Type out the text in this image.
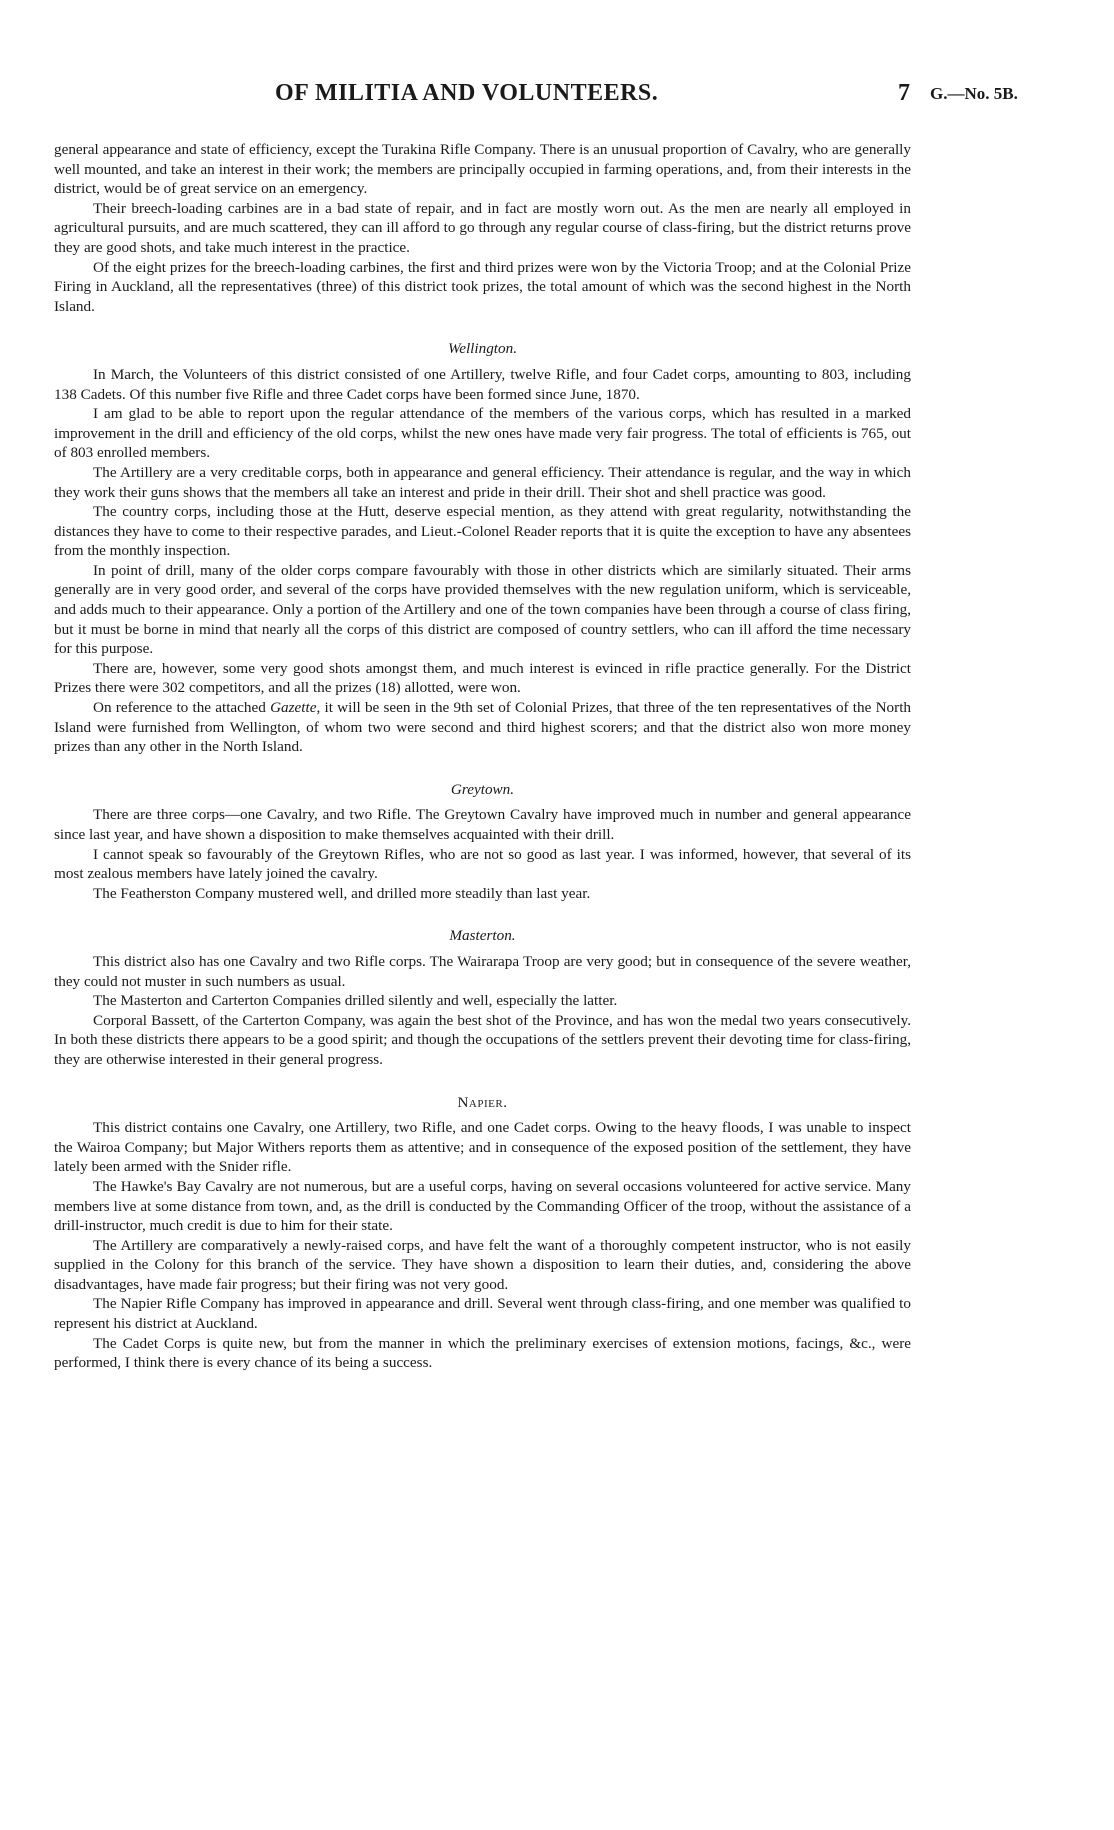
OF MILITIA AND VOLUNTEERS.	7 G.—No. 5B.

general appearance and state of efficiency, except the Turakina Rifle Company. There is an unusual proportion of Cavalry, who are generally well mounted, and take an interest in their work; the members are principally occupied in farming operations, and, from their interests in the district, would be of great service on an emergency.

Their breech-loading carbines are in a bad state of repair, and in fact are mostly worn out. As the men are nearly all employed in agricultural pursuits, and are much scattered, they can ill afford to go through any regular course of class-firing, but the district returns prove they are good shots, and take much interest in the practice.

Of the eight prizes for the breech-loading carbines, the first and third prizes were won by the Victoria Troop; and at the Colonial Prize Firing in Auckland, all the representatives (three) of this district took prizes, the total amount of which was the second highest in the North Island.

Wellington.

In March, the Volunteers of this district consisted of one Artillery, twelve Rifle, and four Cadet corps, amounting to 803, including 138 Cadets. Of this number five Rifle and three Cadet corps have been formed since June, 1870.

I am glad to be able to report upon the regular attendance of the members of the various corps, which has resulted in a marked improvement in the drill and efficiency of the old corps, whilst the new ones have made very fair progress. The total of efficients is 765, out of 803 enrolled members.

The Artillery are a very creditable corps, both in appearance and general efficiency. Their attendance is regular, and the way in which they work their guns shows that the members all take an interest and pride in their drill. Their shot and shell practice was good.

The country corps, including those at the Hutt, deserve especial mention, as they attend with great regularity, notwithstanding the distances they have to come to their respective parades, and Lieut.-Colonel Reader reports that it is quite the exception to have any absentees from the monthly inspection.

In point of drill, many of the older corps compare favourably with those in other districts which are similarly situated. Their arms generally are in very good order, and several of the corps have provided themselves with the new regulation uniform, which is serviceable, and adds much to their appearance. Only a portion of the Artillery and one of the town companies have been through a course of class firing, but it must be borne in mind that nearly all the corps of this district are composed of country settlers, who can ill afford the time necessary for this purpose.

There are, however, some very good shots amongst them, and much interest is evinced in rifle practice generally. For the District Prizes there were 302 competitors, and all the prizes (18) allotted, were won.

On reference to the attached Gazette, it will be seen in the 9th set of Colonial Prizes, that three of the ten representatives of the North Island were furnished from Wellington, of whom two were second and third highest scorers; and that the district also won more money prizes than any other in the North Island.

Greytown.

There are three corps—one Cavalry, and two Rifle. The Greytown Cavalry have improved much in number and general appearance since last year, and have shown a disposition to make themselves acquainted with their drill.

I cannot speak so favourably of the Greytown Rifles, who are not so good as last year. I was informed, however, that several of its most zealous members have lately joined the cavalry.

The Featherston Company mustered well, and drilled more steadily than last year.

Masterton.

This district also has one Cavalry and two Rifle corps. The Wairarapa Troop are very good; but in consequence of the severe weather, they could not muster in such numbers as usual.

The Masterton and Carterton Companies drilled silently and well, especially the latter.

Corporal Bassett, of the Carterton Company, was again the best shot of the Province, and has won the medal two years consecutively. In both these districts there appears to be a good spirit; and though the occupations of the settlers prevent their devoting time for class-firing, they are otherwise interested in their general progress.

Napier.

This district contains one Cavalry, one Artillery, two Rifle, and one Cadet corps. Owing to the heavy floods, I was unable to inspect the Wairoa Company; but Major Withers reports them as attentive; and in consequence of the exposed position of the settlement, they have lately been armed with the Snider rifle.

The Hawke's Bay Cavalry are not numerous, but are a useful corps, having on several occasions volunteered for active service. Many members live at some distance from town, and, as the drill is conducted by the Commanding Officer of the troop, without the assistance of a drill-instructor, much credit is due to him for their state.

The Artillery are comparatively a newly-raised corps, and have felt the want of a thoroughly competent instructor, who is not easily supplied in the Colony for this branch of the service. They have shown a disposition to learn their duties, and, considering the above disadvantages, have made fair progress; but their firing was not very good.

The Napier Rifle Company has improved in appearance and drill. Several went through class-firing, and one member was qualified to represent his district at Auckland.

The Cadet Corps is quite new, but from the manner in which the preliminary exercises of extension motions, facings, &c., were performed, I think there is every chance of its being a success.
